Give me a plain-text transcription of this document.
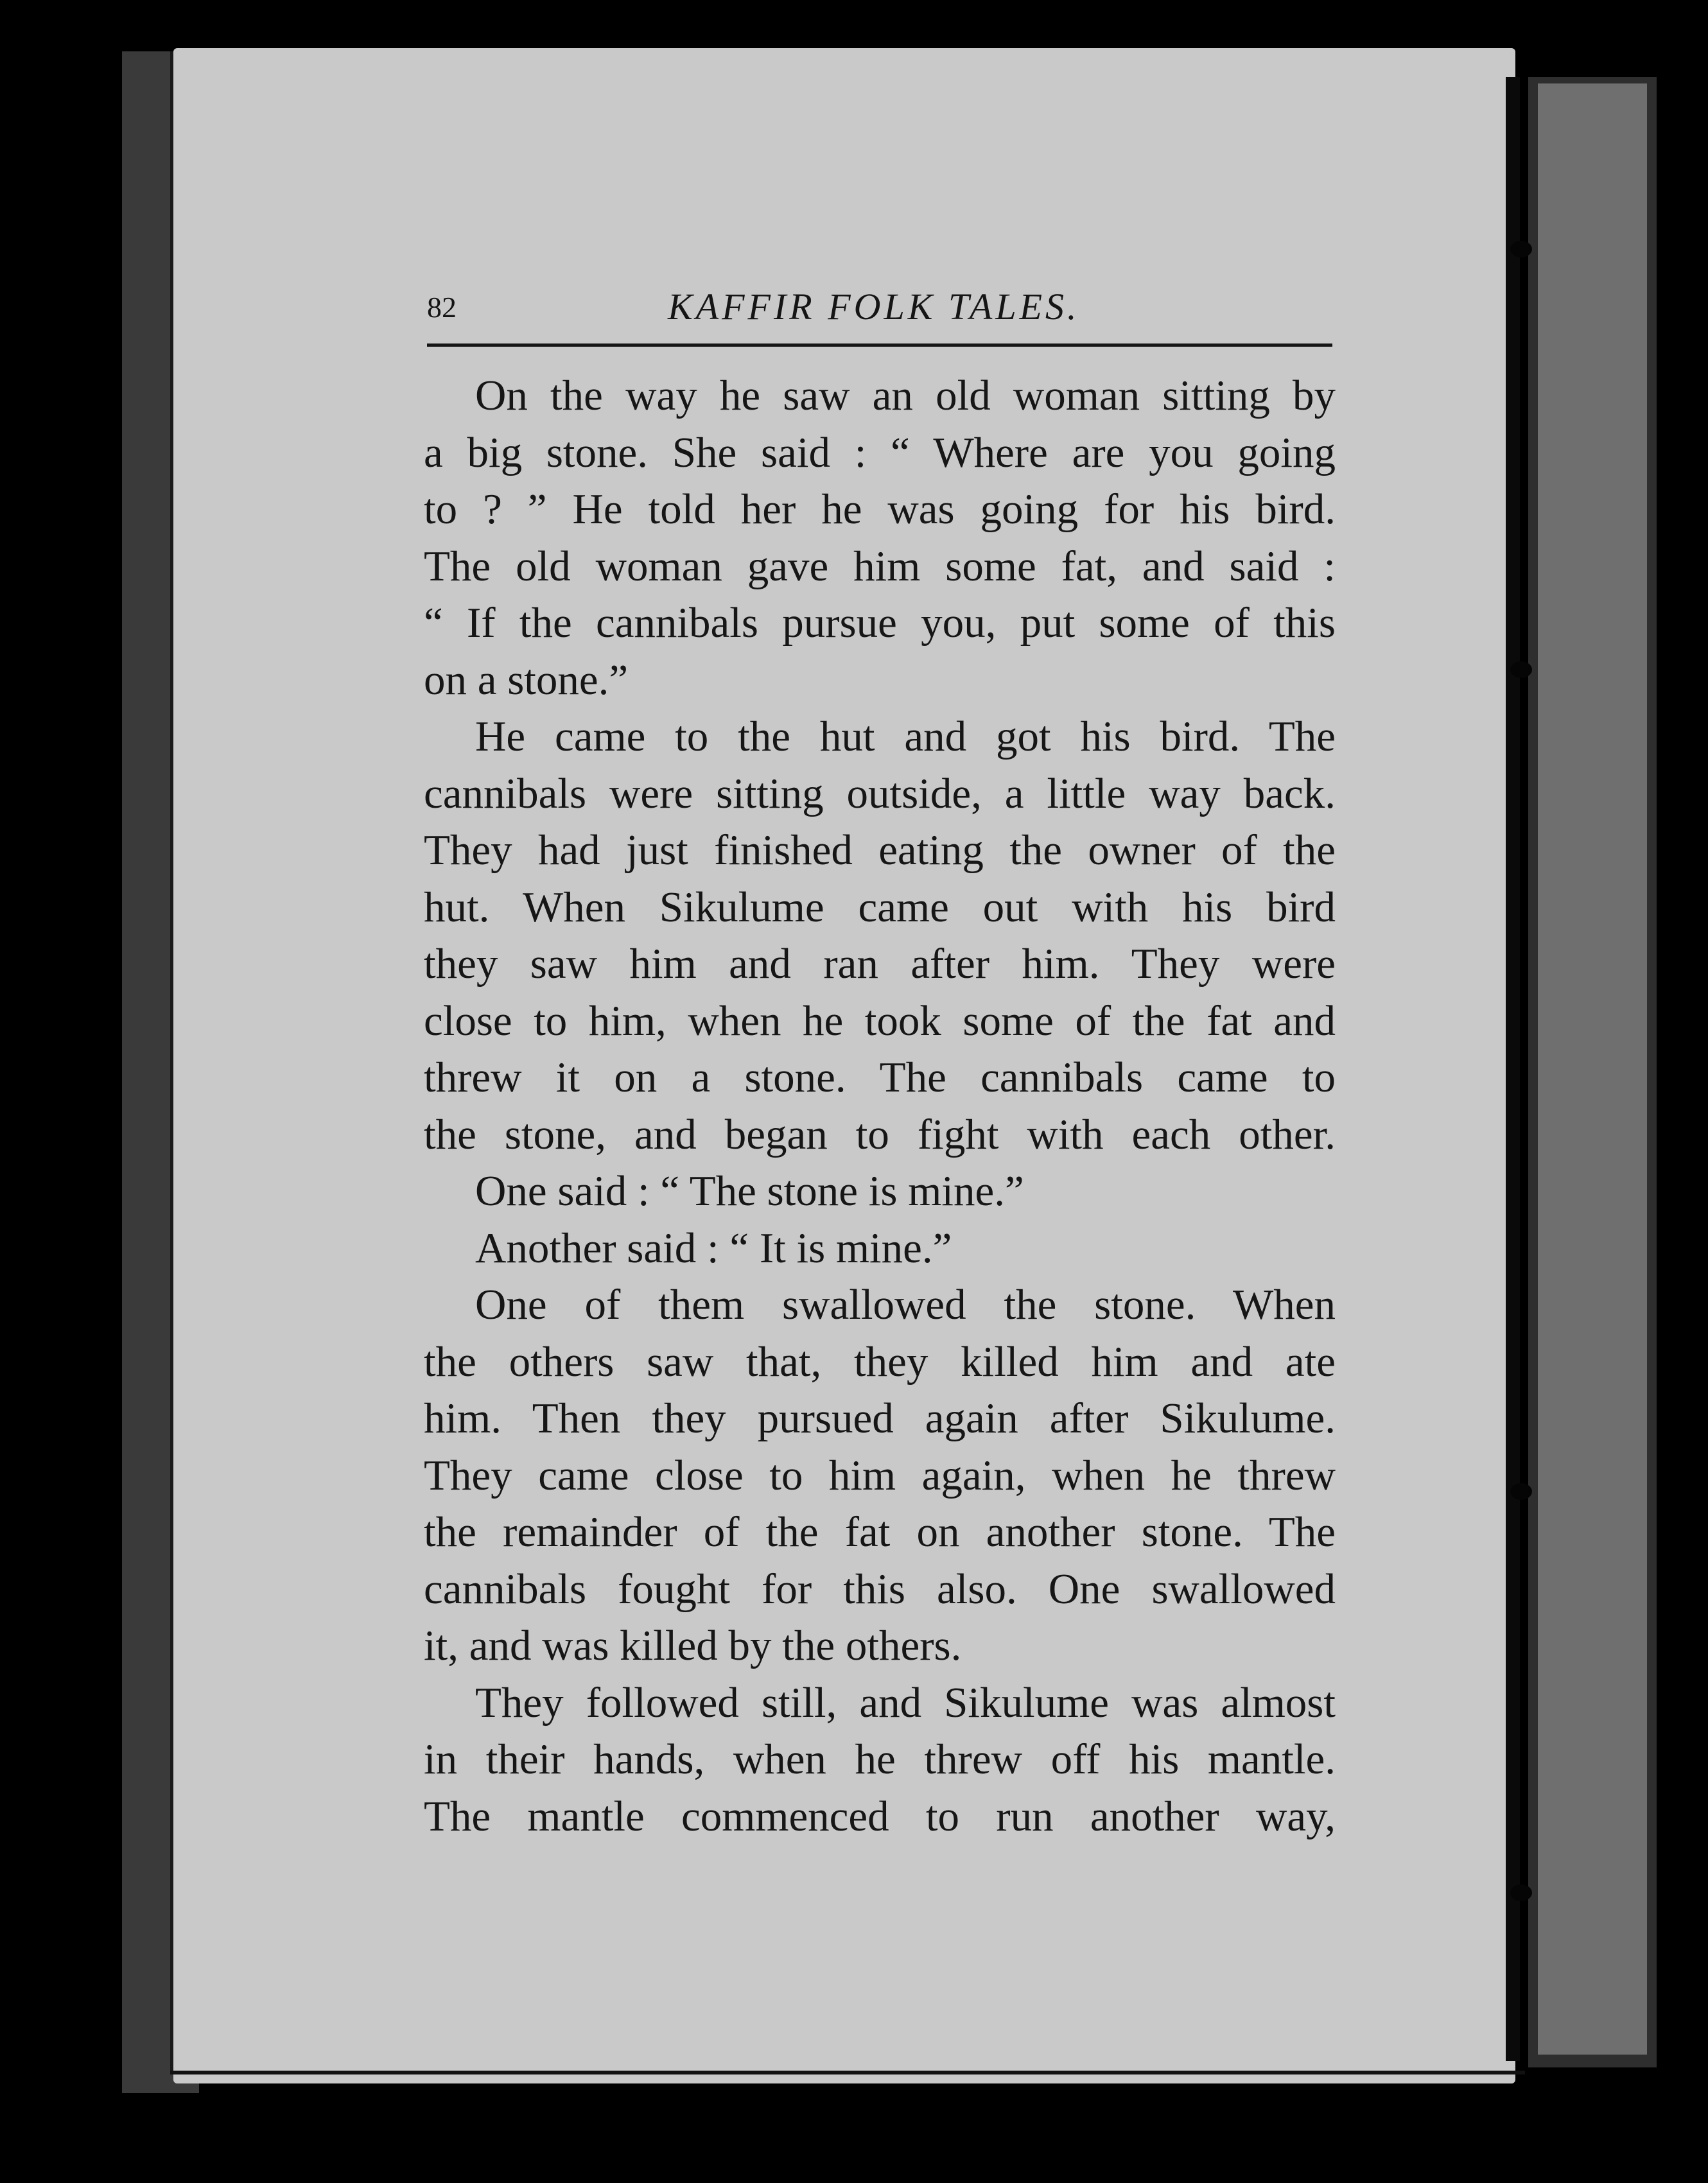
82	KAFFIR FOLK TALES.
On the way he saw an old woman sitting by
a big stone. She said : “ Where are you going
to ? ” He told her he was going for his bird.
The old woman gave him some fat, and said :
“ If the cannibals pursue you, put some of this
on a stone.”
He came to the hut and got his bird. The
cannibals were sitting outside, a little way back.
They had just finished eating the owner of the
hut. When Sikulume came out with his bird
they saw him and ran after him. They were
close to him, when he took some of the fat and
threw it on a stone. The cannibals came to
the stone, and began to fight with each other.
One said : “ The stone is mine.”
Another said : “ It is mine.”
One of them swallowed the stone. When
the others saw that, they killed him and ate
him. Then they pursued again after Sikulume.
They came close to him again, when he threw
the remainder of the fat on another stone. The
cannibals fought for this also. One swallowed
it, and was killed by the others.
They followed still, and Sikulume was almost
in their hands, when he threw off his mantle.
The mantle commenced to run another way,
